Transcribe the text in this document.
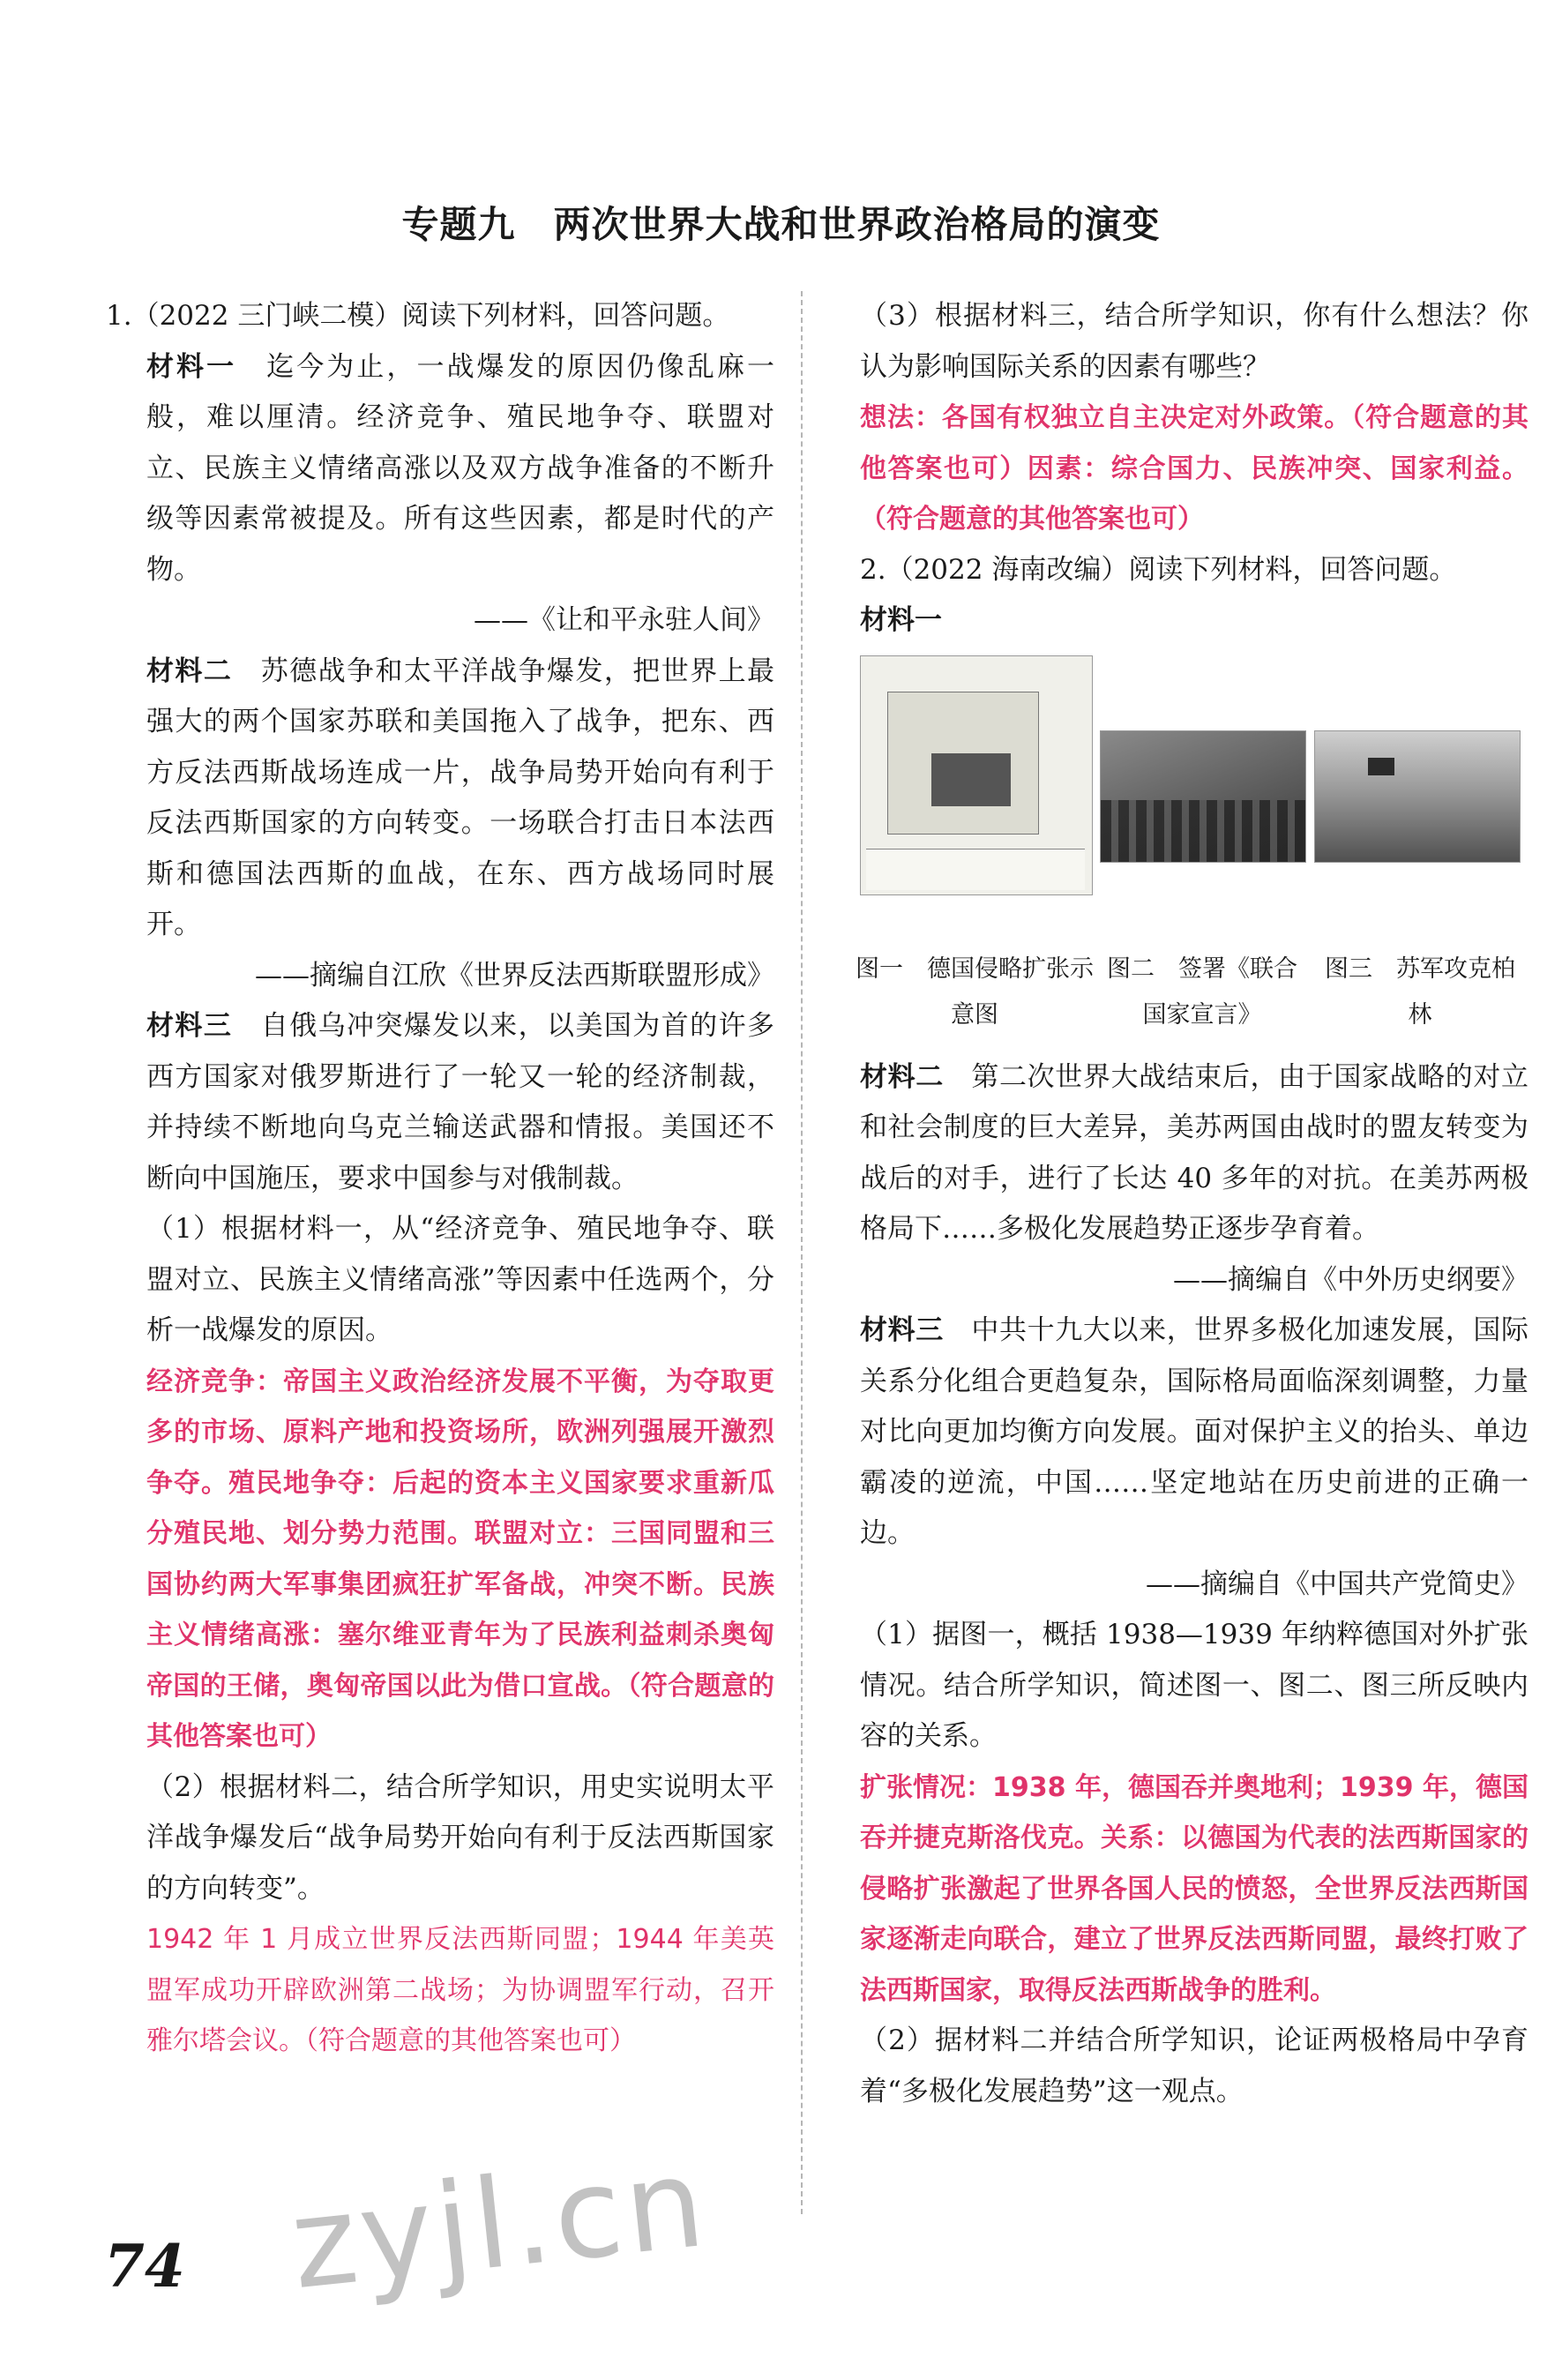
专题九　两次世界大战和世界政治格局的演变

1.（2022 三门峡二模）阅读下列材料，回答问题。

材料一　迄今为止，一战爆发的原因仍像乱麻一般，难以厘清。经济竞争、殖民地争夺、联盟对立、民族主义情绪高涨以及双方战争准备的不断升级等因素常被提及。所有这些因素，都是时代的产物。

——《让和平永驻人间》

材料二　苏德战争和太平洋战争爆发，把世界上最强大的两个国家苏联和美国拖入了战争，把东、西方反法西斯战场连成一片，战争局势开始向有利于反法西斯国家的方向转变。一场联合打击日本法西斯和德国法西斯的血战，在东、西方战场同时展开。

——摘编自江欣《世界反法西斯联盟形成》

材料三　自俄乌冲突爆发以来，以美国为首的许多西方国家对俄罗斯进行了一轮又一轮的经济制裁，并持续不断地向乌克兰输送武器和情报。美国还不断向中国施压，要求中国参与对俄制裁。

（1）根据材料一，从“经济竞争、殖民地争夺、联盟对立、民族主义情绪高涨”等因素中任选两个，分析一战爆发的原因。

经济竞争：帝国主义政治经济发展不平衡，为夺取更多的市场、原料产地和投资场所，欧洲列强展开激烈争夺。殖民地争夺：后起的资本主义国家要求重新瓜分殖民地、划分势力范围。联盟对立：三国同盟和三国协约两大军事集团疯狂扩军备战，冲突不断。民族主义情绪高涨：塞尔维亚青年为了民族利益刺杀奥匈帝国的王储，奥匈帝国以此为借口宣战。（符合题意的其他答案也可）

（2）根据材料二，结合所学知识，用史实说明太平洋战争爆发后“战争局势开始向有利于反法西斯国家的方向转变”。

1942 年 1 月成立世界反法西斯同盟；1944 年美英盟军成功开辟欧洲第二战场；为协调盟军行动，召开雅尔塔会议。（符合题意的其他答案也可）

（3）根据材料三，结合所学知识，你有什么想法？你认为影响国际关系的因素有哪些？

想法：各国有权独立自主决定对外政策。（符合题意的其他答案也可）因素：综合国力、民族冲突、国家利益。（符合题意的其他答案也可）

2.（2022 海南改编）阅读下列材料，回答问题。

材料一

图一　德国侵略扩张示意图
图二　签署《联合国家宣言》
图三　苏军攻克柏林

材料二　第二次世界大战结束后，由于国家战略的对立和社会制度的巨大差异，美苏两国由战时的盟友转变为战后的对手，进行了长达 40 多年的对抗。在美苏两极格局下……多极化发展趋势正逐步孕育着。

——摘编自《中外历史纲要》

材料三　中共十九大以来，世界多极化加速发展，国际关系分化组合更趋复杂，国际格局面临深刻调整，力量对比向更加均衡方向发展。面对保护主义的抬头、单边霸凌的逆流，中国……坚定地站在历史前进的正确一边。

——摘编自《中国共产党简史》

（1）据图一，概括 1938—1939 年纳粹德国对外扩张情况。结合所学知识，简述图一、图二、图三所反映内容的关系。

扩张情况：1938 年，德国吞并奥地利；1939 年，德国吞并捷克斯洛伐克。关系：以德国为代表的法西斯国家的侵略扩张激起了世界各国人民的愤怒，全世界反法西斯国家逐渐走向联合，建立了世界反法西斯同盟，最终打败了法西斯国家，取得反法西斯战争的胜利。

（2）据材料二并结合所学知识，论证两极格局中孕育着“多极化发展趋势”这一观点。

zyjl.cn
74
